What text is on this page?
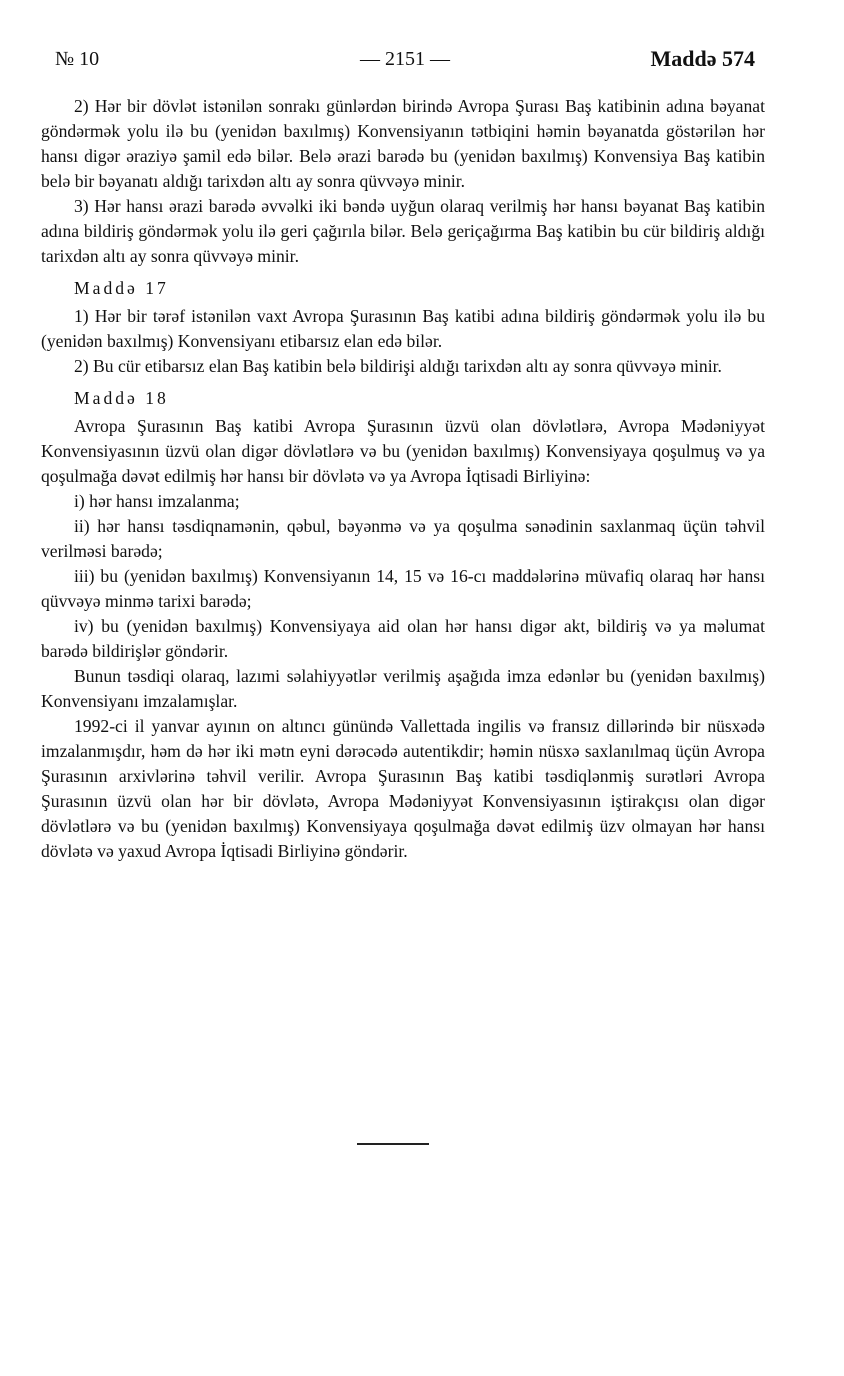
№ 10	— 2151 —	Maddə 574

2) Hər bir dövlət istənilən sonrakı günlərdən birində Avropa Şurası Baş katibinin adına bəyanat göndərmək yolu ilə bu (yenidən baxılmış) Konvensiyanın tətbiqini həmin bəyanatda göstərilən hər hansı digər əraziyə şamil edə bilər. Belə ərazi barədə bu (yenidən baxılmış) Konvensiya Baş katibin belə bir bəyanatı aldığı tarixdən altı ay sonra qüvvəyə minir.

3) Hər hansı ərazi barədə əvvəlki iki bəndə uyğun olaraq verilmiş hər hansı bəyanat Baş katibin adına bildiriş göndərmək yolu ilə geri çağırıla bilər. Belə geriçağırma Baş katibin bu cür bildiriş aldığı tarixdən altı ay sonra qüvvəyə minir.

Maddə 17

1) Hər bir tərəf istənilən vaxt Avropa Şurasının Baş katibi adına bildiriş göndərmək yolu ilə bu (yenidən baxılmış) Konvensiyanı etibarsız elan edə bilər.

2) Bu cür etibarsız elan Baş katibin belə bildirişi aldığı tarixdən altı ay sonra qüvvəyə minir.

Maddə 18

Avropa Şurasının Baş katibi Avropa Şurasının üzvü olan dövlətlərə, Avropa Mədəniyyət Konvensiyasının üzvü olan digər dövlətlərə və bu (yenidən baxılmış) Konvensiyaya qoşulmuş və ya qoşulmağa dəvət edilmiş hər hansı bir dövlətə və ya Avropa İqtisadi Birliyinə:

i) hər hansı imzalanma;

ii) hər hansı təsdiqnamənin, qəbul, bəyənmə və ya qoşulma sənədinin saxlanmaq üçün təhvil verilməsi barədə;

iii) bu (yenidən baxılmış) Konvensiyanın 14, 15 və 16-cı maddələrinə müvafiq olaraq hər hansı qüvvəyə minmə tarixi barədə;

iv) bu (yenidən baxılmış) Konvensiyaya aid olan hər hansı digər akt, bildiriş və ya məlumat barədə bildirişlər göndərir.

Bunun təsdiqi olaraq, lazımi səlahiyyətlər verilmiş aşağıda imza edənlər bu (yenidən baxılmış) Konvensiyanı imzalamışlar.

1992-ci il yanvar ayının on altıncı günündə Vallettada ingilis və fransız dillərində bir nüsxədə imzalanmışdır, həm də hər iki mətn eyni dərəcədə autentikdir; həmin nüsxə saxlanılmaq üçün Avropa Şurasının arxivlərinə təhvil verilir. Avropa Şurasının Baş katibi təsdiqlənmiş surətləri Avropa Şurasının üzvü olan hər bir dövlətə, Avropa Mədəniyyət Konvensiyasının iştirakçısı olan digər dövlətlərə və bu (yenidən baxılmış) Konvensiyaya qoşulmağa dəvət edilmiş üzv olmayan hər hansı dövlətə və yaxud Avropa İqtisadi Birliyinə göndərir.
